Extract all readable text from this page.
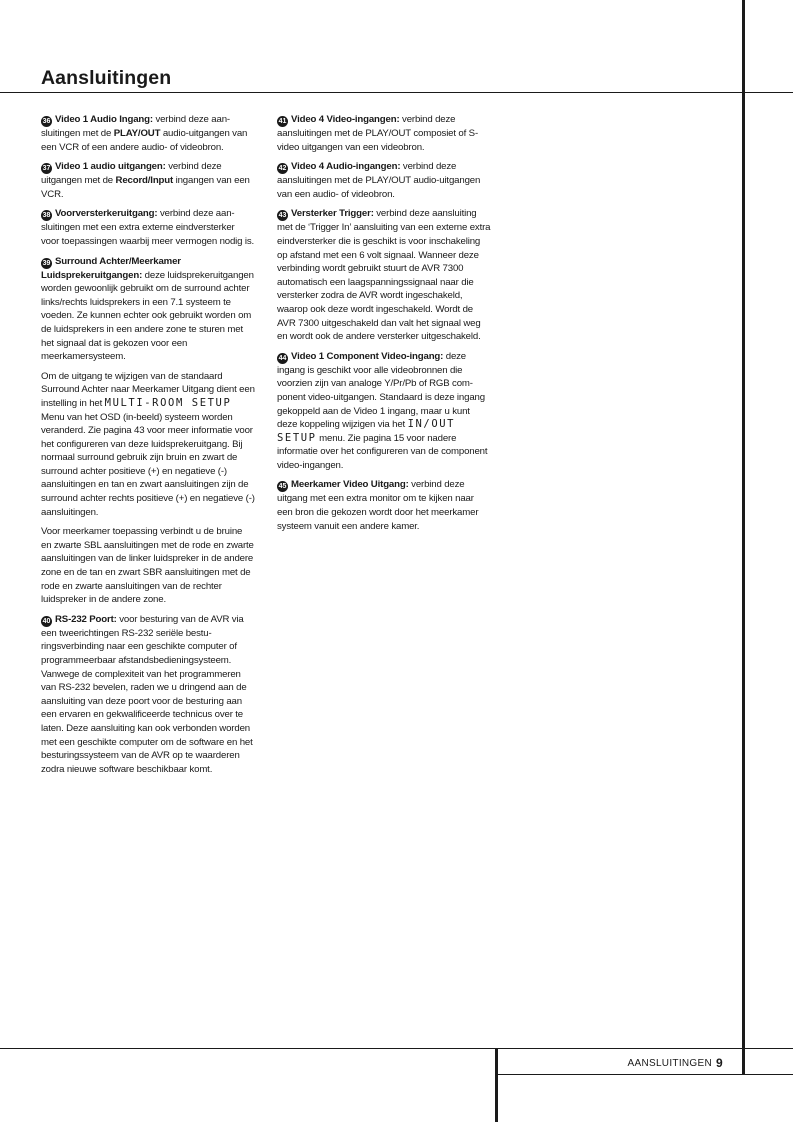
Aansluitingen

36 Video 1 Audio Ingang: verbind deze aansluitingen met de PLAY/OUT audio-uitgangen van een VCR of een andere audio- of videobron.

37 Video 1 audio uitgangen: verbind deze uitgangen met de Record/Input ingangen van een VCR.

38 Voorversterkeruitgang: verbind deze aansluitingen met een extra externe eindversterker voor toepassingen waarbij meer vermogen nodig is.

39 Surround Achter/Meerkamer Luidsprekeruitgangen: deze luidsprekeruitgangen worden gewoonlijk gebruikt om de surround achter links/rechts luidsprekers in een 7.1 systeem te voeden. Ze kunnen echter ook gebruikt worden om de luidsprekers in een andere zone te sturen met het signaal dat is gekozen voor een meerkamersysteem.

Om de uitgang te wijzigen van de standaard Surround Achter naar Meerkamer Uitgang dient een instelling in het MULTI-ROOM SETUP Menu van het OSD (in-beeld) systeem worden veranderd. Zie pagina 43 voor meer informatie voor het configureren van deze luidsprekeruitgang. Bij normaal surround gebruik zijn bruin en zwart de surround achter positieve (+) en negatieve (-) aansluitingen en tan en zwart aansluitingen zijn de surround achter rechts positieve (+) en negatieve (-) aansluitingen.

Voor meerkamer toepassing verbindt u de bruine en zwarte SBL aansluitingen met de rode en zwarte aansluitingen van de linker luidspreker in de andere zone en de tan en zwart SBR aansluitingen met de rode en zwarte aansluitingen van de rechter luidspreker in de andere zone.

40 RS-232 Poort: voor besturing van de AVR via een tweerichtingen RS-232 seriële besturingsverbinding naar een geschikte computer of programmeerbaar afstandsbedieningsysteem. Vanwege de complexiteit van het programmeren van RS-232 bevelen, raden we u dringend aan de aansluiting van deze poort voor de besturing aan een ervaren en gekwalificeerde technicus over te laten. Deze aansluiting kan ook verbonden worden met een geschikte computer om de software en het besturingssysteem van de AVR op te waarderen zodra nieuwe software beschikbaar komt.

41 Video 4 Video-ingangen: verbind deze aansluitingen met de PLAY/OUT composiet of S-video uitgangen van een videobron.

42 Video 4 Audio-ingangen: verbind deze aansluitingen met de PLAY/OUT audio-uitgangen van een audio- of videobron.

43 Versterker Trigger: verbind deze aansluiting met de ‘Trigger In’ aansluiting van een externe extra eindversterker die is geschikt is voor inschakeling op afstand met een 6 volt signaal. Wanneer deze verbinding wordt gebruikt stuurt de AVR 7300 automatisch een laagspanningssignaal naar die versterker zodra de AVR wordt ingeschakeld, waarop ook deze wordt ingeschakeld. Wordt de AVR 7300 uitgeschakeld dan valt het signaal weg en wordt ook de andere versterker uitgeschakeld.

44 Video 1 Component Video-ingang: deze ingang is geschikt voor alle videobronnen die voorzien zijn van analoge Y/Pr/Pb of RGB component video-uitgangen. Standaard is deze ingang gekoppeld aan de Video 1 ingang, maar u kunt deze koppeling wijzigen via het IN/OUT SETUP menu. Zie pagina 15 voor nadere informatie over het configureren van de component video-ingangen.

45 Meerkamer Video Uitgang: verbind deze uitgang met een extra monitor om te kijken naar een bron die gekozen wordt door het meerkamer systeem vanuit een andere kamer.

AANSLUITINGEN 9
